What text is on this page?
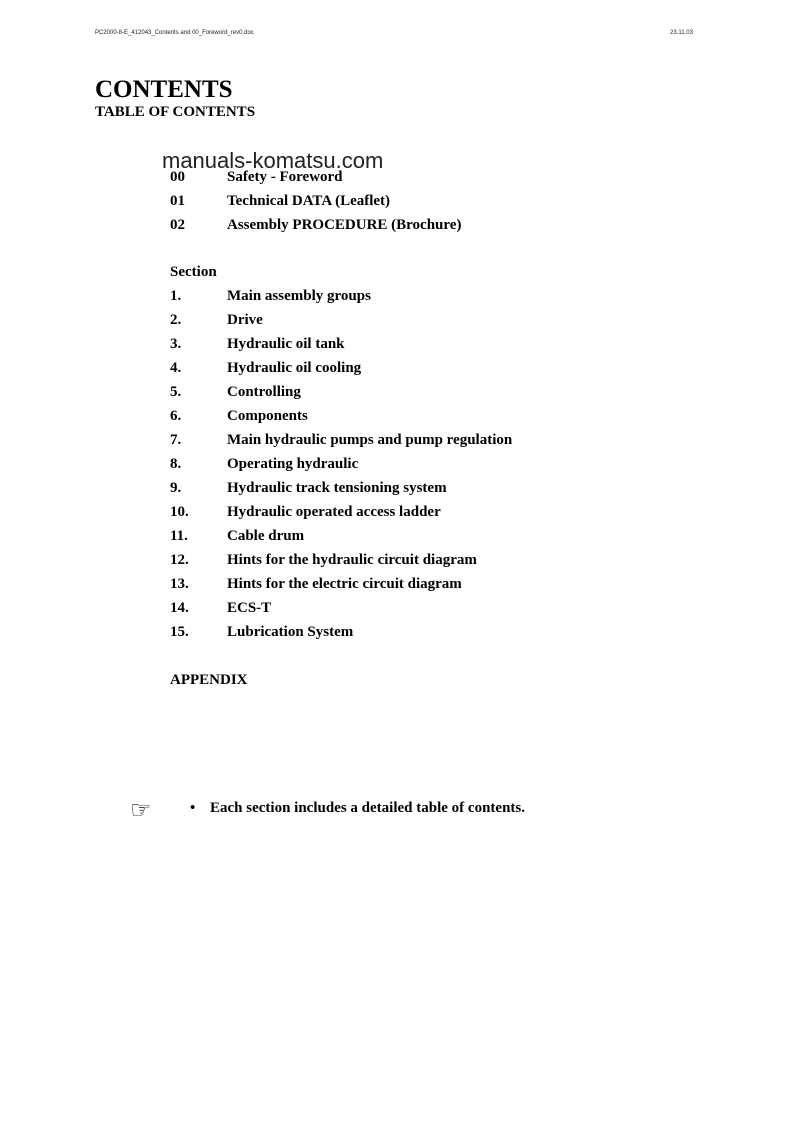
PC2000-8-E_412043_Contents and 00_Foreword_rev0.doc	23.11.03
CONTENTS
TABLE OF CONTENTS
00	Safety - Foreword
01	Technical DATA (Leaflet)
02	Assembly PROCEDURE (Brochure)
Section
1.	Main assembly groups
2.	Drive
3.	Hydraulic oil tank
4.	Hydraulic oil cooling
5.	Controlling
6.	Components
7.	Main hydraulic pumps and pump regulation
8.	Operating hydraulic
9.	Hydraulic track tensioning system
10.	Hydraulic operated access ladder
11.	Cable drum
12.	Hints for the hydraulic circuit diagram
13.	Hints for the electric circuit diagram
14.	ECS-T
15.	Lubrication System
APPENDIX
☞	• Each section includes a detailed table of contents.
manuals-komatsu.com
